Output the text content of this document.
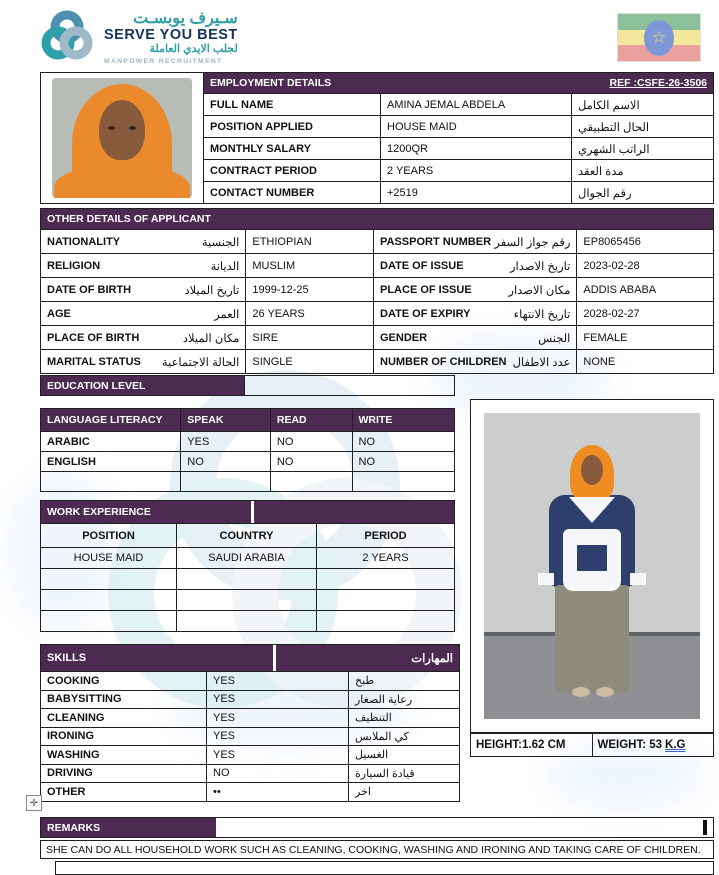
سـيرف يوبسـت
SERVE YOU BEST
لجلب الايدي العاملة
MANPOWER RECRUITMENT
☆
EMPLOYMENT DETAILS	REF :CSFE-26-3506
FULL NAME	AMINA JEMAL ABDELA	الاسم الكامل
POSITION APPLIED	HOUSE MAID	الحال التطبيقي
MONTHLY SALARY	1200QR	الراتب الشهري
CONTRACT PERIOD	2 YEARS	مدة العقد
CONTACT NUMBER	+2519	رقم الجوال
OTHER DETAILS OF APPLICANT
NATIONALITY	الجنسية	ETHIOPIAN	PASSPORT NUMBER رقم جواز السفر	EP8065456
RELIGION	الديانة	MUSLIM	DATE OF ISSUE	تاريخ الاصدار	2023-02-28
DATE OF BIRTH	تاريخ الميلاد	1999-12-25	PLACE OF ISSUE	مكان الاصدار	ADDIS ABABA
AGE	العمر	26 YEARS	DATE OF EXPIRY	تاريخ الانتهاء	2028-02-27
PLACE OF BIRTH	مكان الميلاد	SIRE	GENDER	الجنس	FEMALE
MARITAL STATUS الحالة الاجتماعية	SINGLE	NUMBER OF CHILDREN عدد الاطفال	NONE
EDUCATION LEVEL
LANGUAGE LITERACY	SPEAK	READ	WRITE
ARABIC	YES	NO	NO
ENGLISH	NO	NO	NO
WORK EXPERIENCE
POSITION	COUNTRY	PERIOD
HOUSE MAID	SAUDI ARABIA	2 YEARS
SKILLS	المهارات
COOKING	YES	طبخ
BABYSITTING	YES	رعاية الصغار
CLEANING	YES	التنظيف
IRONING	YES	كي الملابس
WASHING	YES	الغسيل
DRIVING	NO	قيادة السيارة
OTHER	••	اخر
HEIGHT:1.62 CM	WEIGHT: 53 K.G
✛
REMARKS
SHE CAN DO ALL HOUSEHOLD WORK SUCH AS CLEANING, COOKING, WASHING AND IRONING AND TAKING CARE OF CHILDREN.
